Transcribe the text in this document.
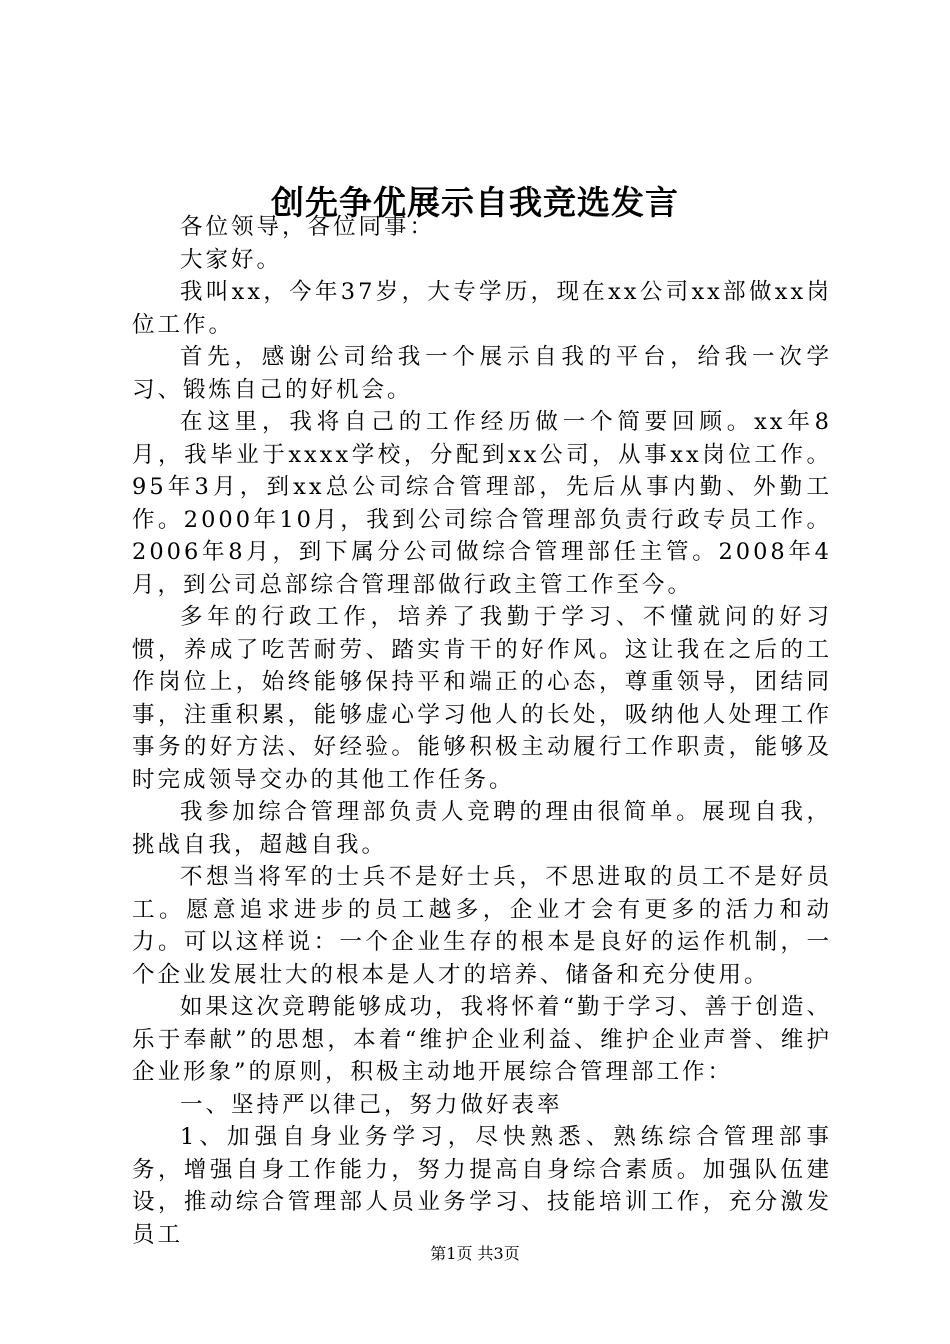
创先争优展示自我竞选发言

各位领导，各位同事：

大家好。

我叫xx，今年37岁，大专学历，现在xx公司xx部做xx岗位工作。

首先，感谢公司给我一个展示自我的平台，给我一次学习、锻炼自己的好机会。

在这里，我将自己的工作经历做一个简要回顾。xx年8月，我毕业于xxxx学校，分配到xx公司，从事xx岗位工作。95年3月，到xx总公司综合管理部，先后从事内勤、外勤工作。2000年10月，我到公司综合管理部负责行政专员工作。2006年8月，到下属分公司做综合管理部任主管。2008年4月，到公司总部综合管理部做行政主管工作至今。

多年的行政工作，培养了我勤于学习、不懂就问的好习惯，养成了吃苦耐劳、踏实肯干的好作风。这让我在之后的工作岗位上，始终能够保持平和端正的心态，尊重领导，团结同事，注重积累，能够虚心学习他人的长处，吸纳他人处理工作事务的好方法、好经验。能够积极主动履行工作职责，能够及时完成领导交办的其他工作任务。

我参加综合管理部负责人竞聘的理由很简单。展现自我，挑战自我，超越自我。

不想当将军的士兵不是好士兵，不思进取的员工不是好员工。愿意追求进步的员工越多，企业才会有更多的活力和动力。可以这样说：一个企业生存的根本是良好的运作机制，一个企业发展壮大的根本是人才的培养、储备和充分使用。

如果这次竞聘能够成功，我将怀着“勤于学习、善于创造、乐于奉献”的思想，本着“维护企业利益、维护企业声誉、维护企业形象”的原则，积极主动地开展综合管理部工作：

一、坚持严以律己，努力做好表率

1、加强自身业务学习，尽快熟悉、熟练综合管理部事务，增强自身工作能力，努力提高自身综合素质。加强队伍建设，推动综合管理部人员业务学习、技能培训工作，充分激发员工

第1页 共3页
